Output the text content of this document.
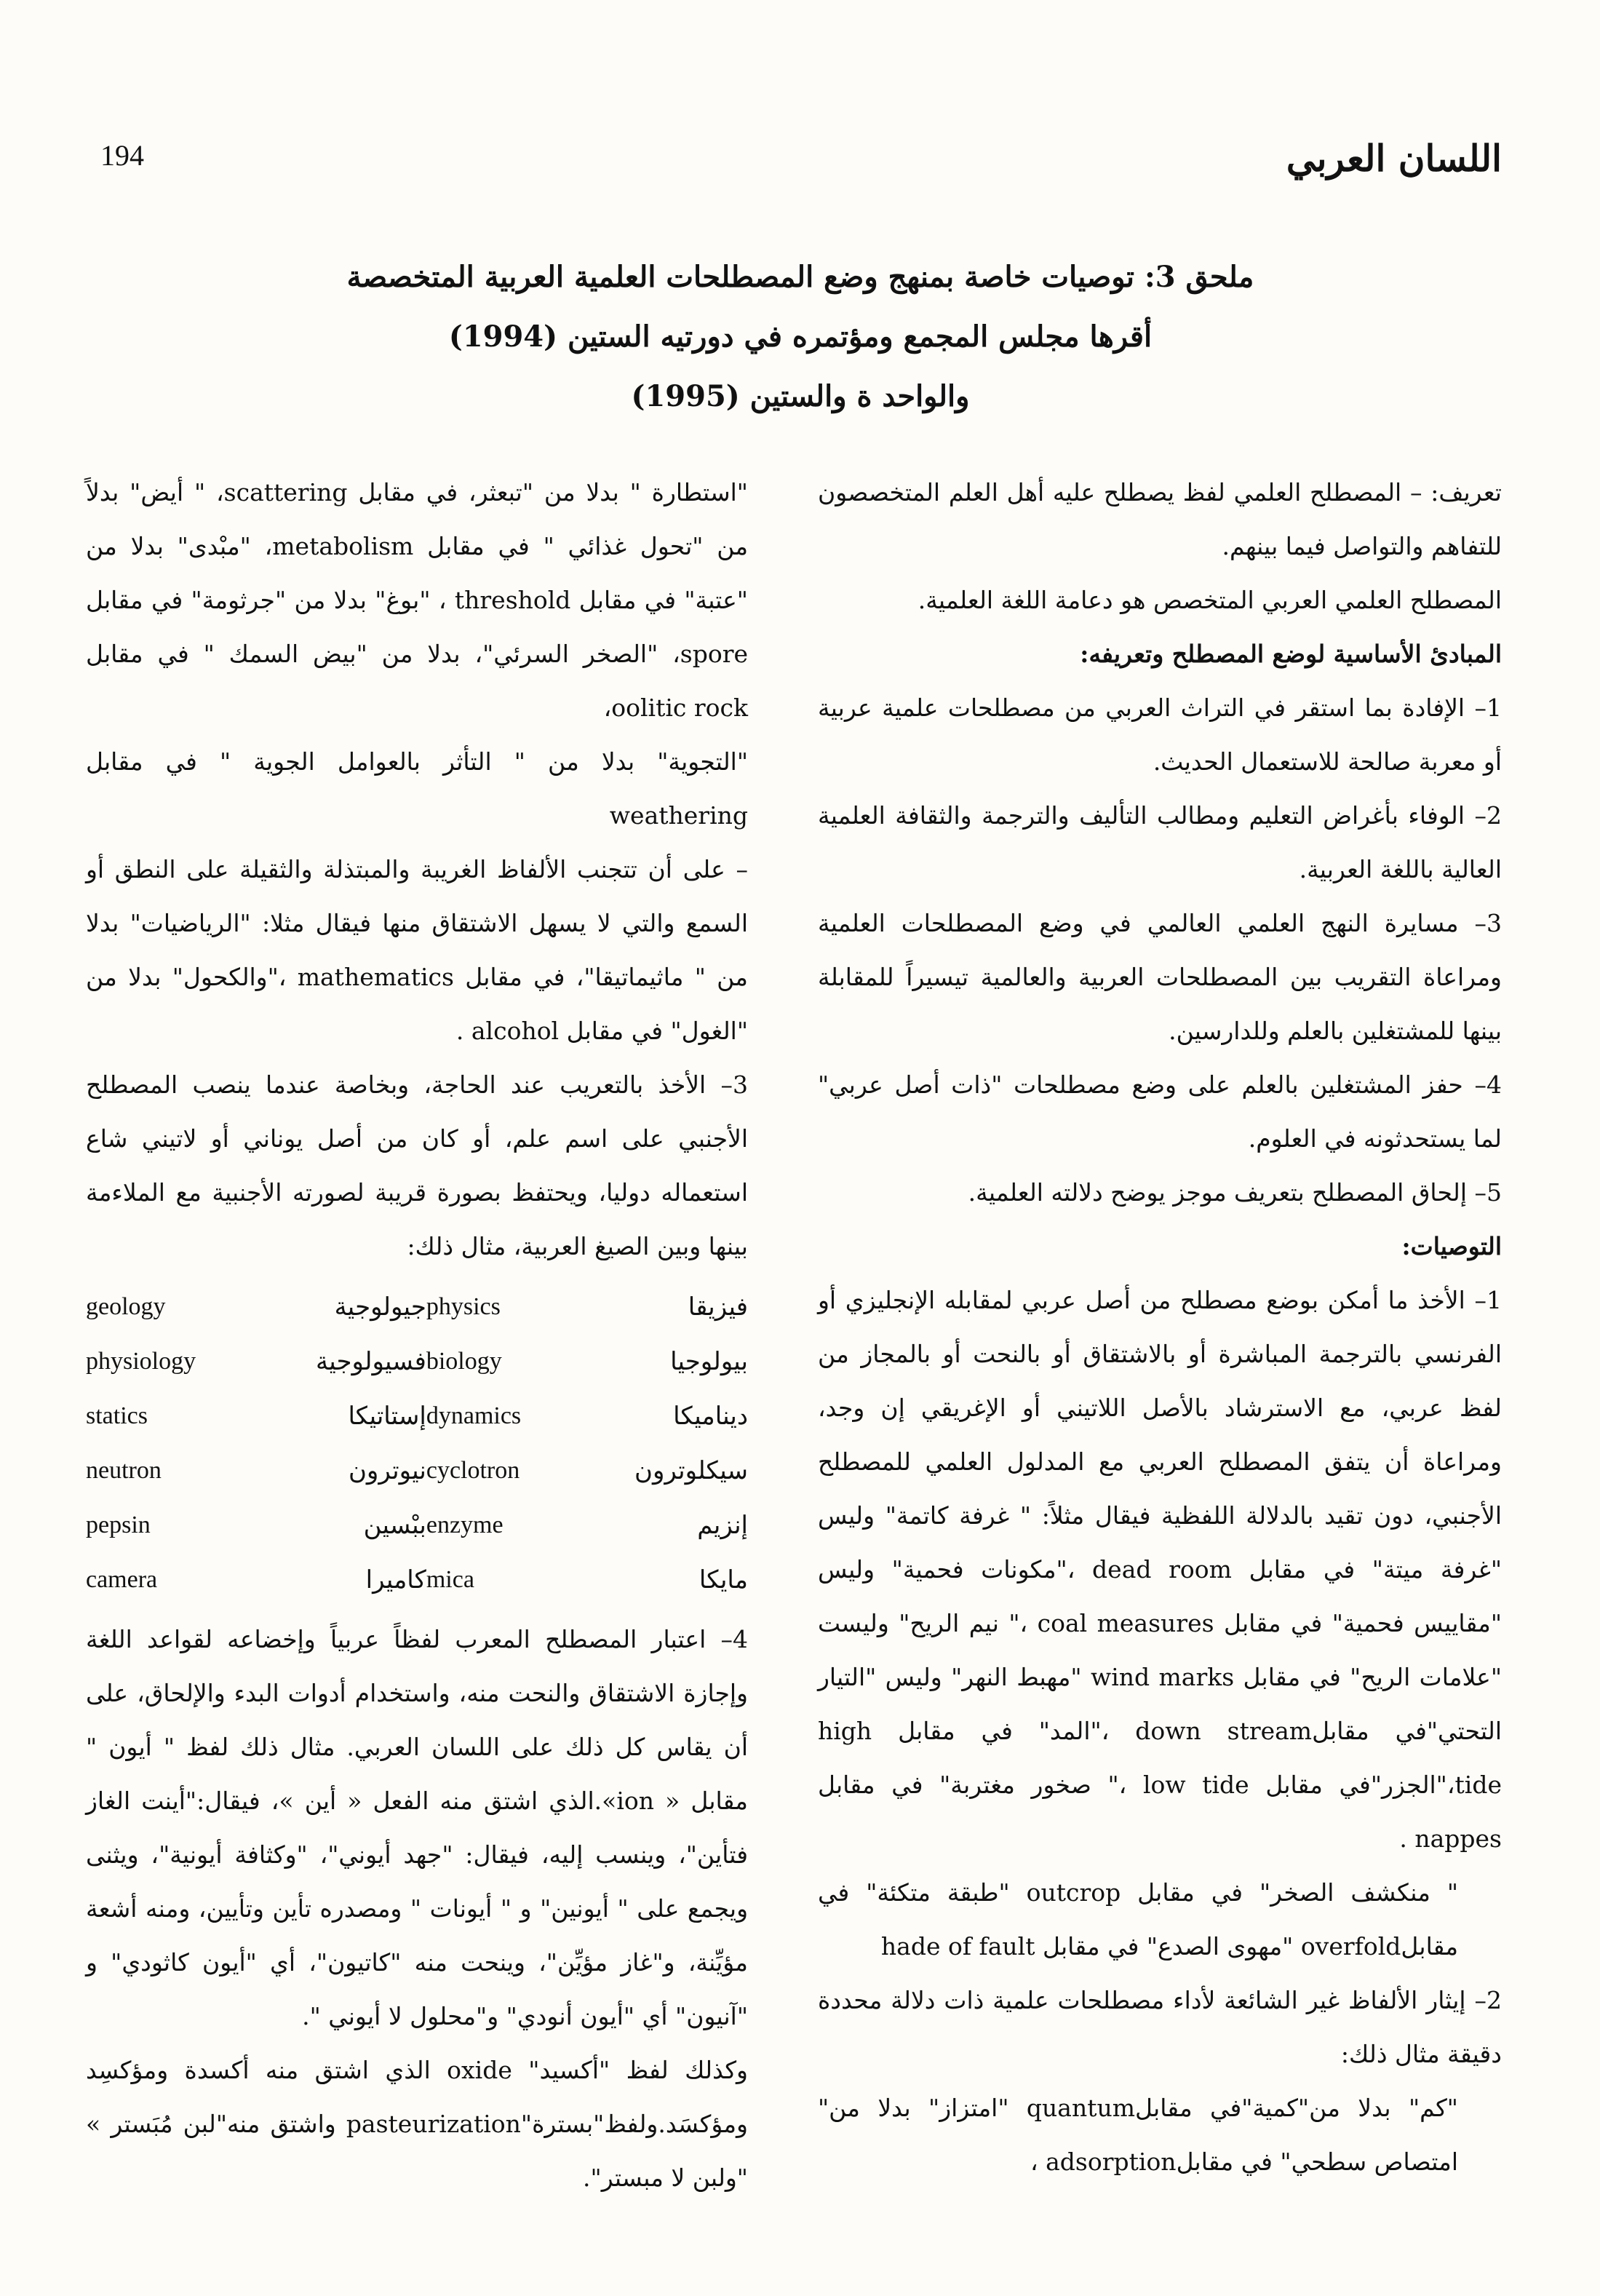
194	اللسان العربي
ملحق 3: توصيات خاصة بمنهج وضع المصطلحات العلمية العربية المتخصصة
أقرها مجلس المجمع ومؤتمره في دورتيه الستين (1994)
والواحد ة والستين (1995)

تعريف: – المصطلح العلمي لفظ يصطلح عليه أهل العلم المتخصصون للتفاهم والتواصل فيما بينهم.

المصطلح العلمي العربي المتخصص هو دعامة اللغة العلمية.

المبادئ الأساسية لوضع المصطلح وتعريفه:

1– الإفادة بما استقر في التراث العربي من مصطلحات علمية عربية أو معربة صالحة للاستعمال الحديث.

2– الوفاء بأغراض التعليم ومطالب التأليف والترجمة والثقافة العلمية العالية باللغة العربية.

3– مسايرة النهج العلمي العالمي في وضع المصطلحات العلمية ومراعاة التقريب بين المصطلحات العربية والعالمية تيسيراً للمقابلة بينها للمشتغلين بالعلم وللدارسين.

4– حفز المشتغلين بالعلم على وضع مصطلحات "ذات أصل عربي" لما يستحدثونه في العلوم.

5– إلحاق المصطلح بتعريف موجز يوضح دلالته العلمية.

التوصيات:

1– الأخذ ما أمكن بوضع مصطلح من أصل عربي لمقابله الإنجليزي أو الفرنسي بالترجمة المباشرة أو بالاشتقاق أو بالنحت أو بالمجاز من لفظ عربي، مع الاسترشاد بالأصل اللاتيني أو الإغريقي إن وجد، ومراعاة أن يتفق المصطلح العربي مع المدلول العلمي للمصطلح الأجنبي، دون تقيد بالدلالة اللفظية فيقال مثلاً: " غرفة كاتمة" وليس "غرفة ميتة" في مقابل dead room ،"مكونات فحمية" وليس "مقاييس فحمية" في مقابل coal measures ،" نيم الريح" وليست "علامات الريح" في مقابل wind marks "مهبط النهر" وليس "التيار التحتي"في مقابلdown stream ،"المد" في مقابل high tide،"الجزر"في مقابل low tide ،" صخور مغتربة" في مقابل nappes .

" منكشف الصخر" في مقابل outcrop "طبقة متكئة" في مقابلoverfold "مهوى الصدع" في مقابل hade of fault

2– إيثار الألفاظ غير الشائعة لأداء مصطلحات علمية ذات دلالة محددة دقيقة مثال ذلك:

"كم" بدلا من"كمية"في مقابلquantum "امتزاز" بدلا من" امتصاص سطحي" في مقابلadsorption ،

"استطارة " بدلا من "تبعثر، في مقابل scattering، " أيض" بدلاً من "تحول غذائي " في مقابل metabolism، "مبْدى" بدلا من "عتبة" في مقابل threshold ، "بوغ" بدلا من "جرثومة" في مقابل spore، "الصخر السرئي"، بدلا من "بيض السمك " في مقابل oolitic rock،

"التجوية" بدلا من " التأثر بالعوامل الجوية " في مقابل weathering

– على أن تتجنب الألفاظ الغريبة والمبتذلة والثقيلة على النطق أو السمع والتي لا يسهل الاشتقاق منها فيقال مثلا: "الرياضيات" بدلا من " ماثيماتيقا"، في مقابل mathematics ،"والكحول" بدلا من "الغول" في مقابل alcohol .

3– الأخذ بالتعريب عند الحاجة، وبخاصة عندما ينصب المصطلح الأجنبي على اسم علم، أو كان من أصل يوناني أو لاتيني شاع استعماله دوليا، ويحتفظ بصورة قريبة لصورته الأجنبية مع الملاءمة بينها وبين الصيغ العربية، مثال ذلك:

geology	جيولوجية	physics	فيزيقا
physiology	فسيولوجية	biology	بيولوجيا
statics	إستاتيكا	dynamics	ديناميكا
neutron	نيوترون	cyclotron	سيكلوترون
pepsin	ببْسين	enzyme	إنزيم
camera	كاميرا	mica	مايكا

4– اعتبار المصطلح المعرب لفظاً عربياً وإخضاعه لقواعد اللغة وإجازة الاشتقاق والنحت منه، واستخدام أدوات البدء والإلحاق، على أن يقاس كل ذلك على اللسان العربي. مثال ذلك لفظ " أيون " مقابل « ion».الذي اشتق منه الفعل « أين »، فيقال:"أينت الغاز فتأين"، وينسب إليه، فيقال: "جهد أيوني"، "وكثافة أيونية"، ويثنى ويجمع على " أيونين" و " أيونات " ومصدره تأين وتأيين، ومنه أشعة مؤيِّنة، و"غاز مؤيِّن"، وينحت منه "كاتيون"، أي "أيون كاثودي" و "آنيون" أي "أيون أنودي" و"محلول لا أيوني ".

وكذلك لفظ "أكسيد" oxide الذي اشتق منه أكسدة ومؤكسِد ومؤكسَد.ولفظ"بسترة"pasteurization واشتق منه"لبن مُبَستر » "ولبن لا مبستر".
